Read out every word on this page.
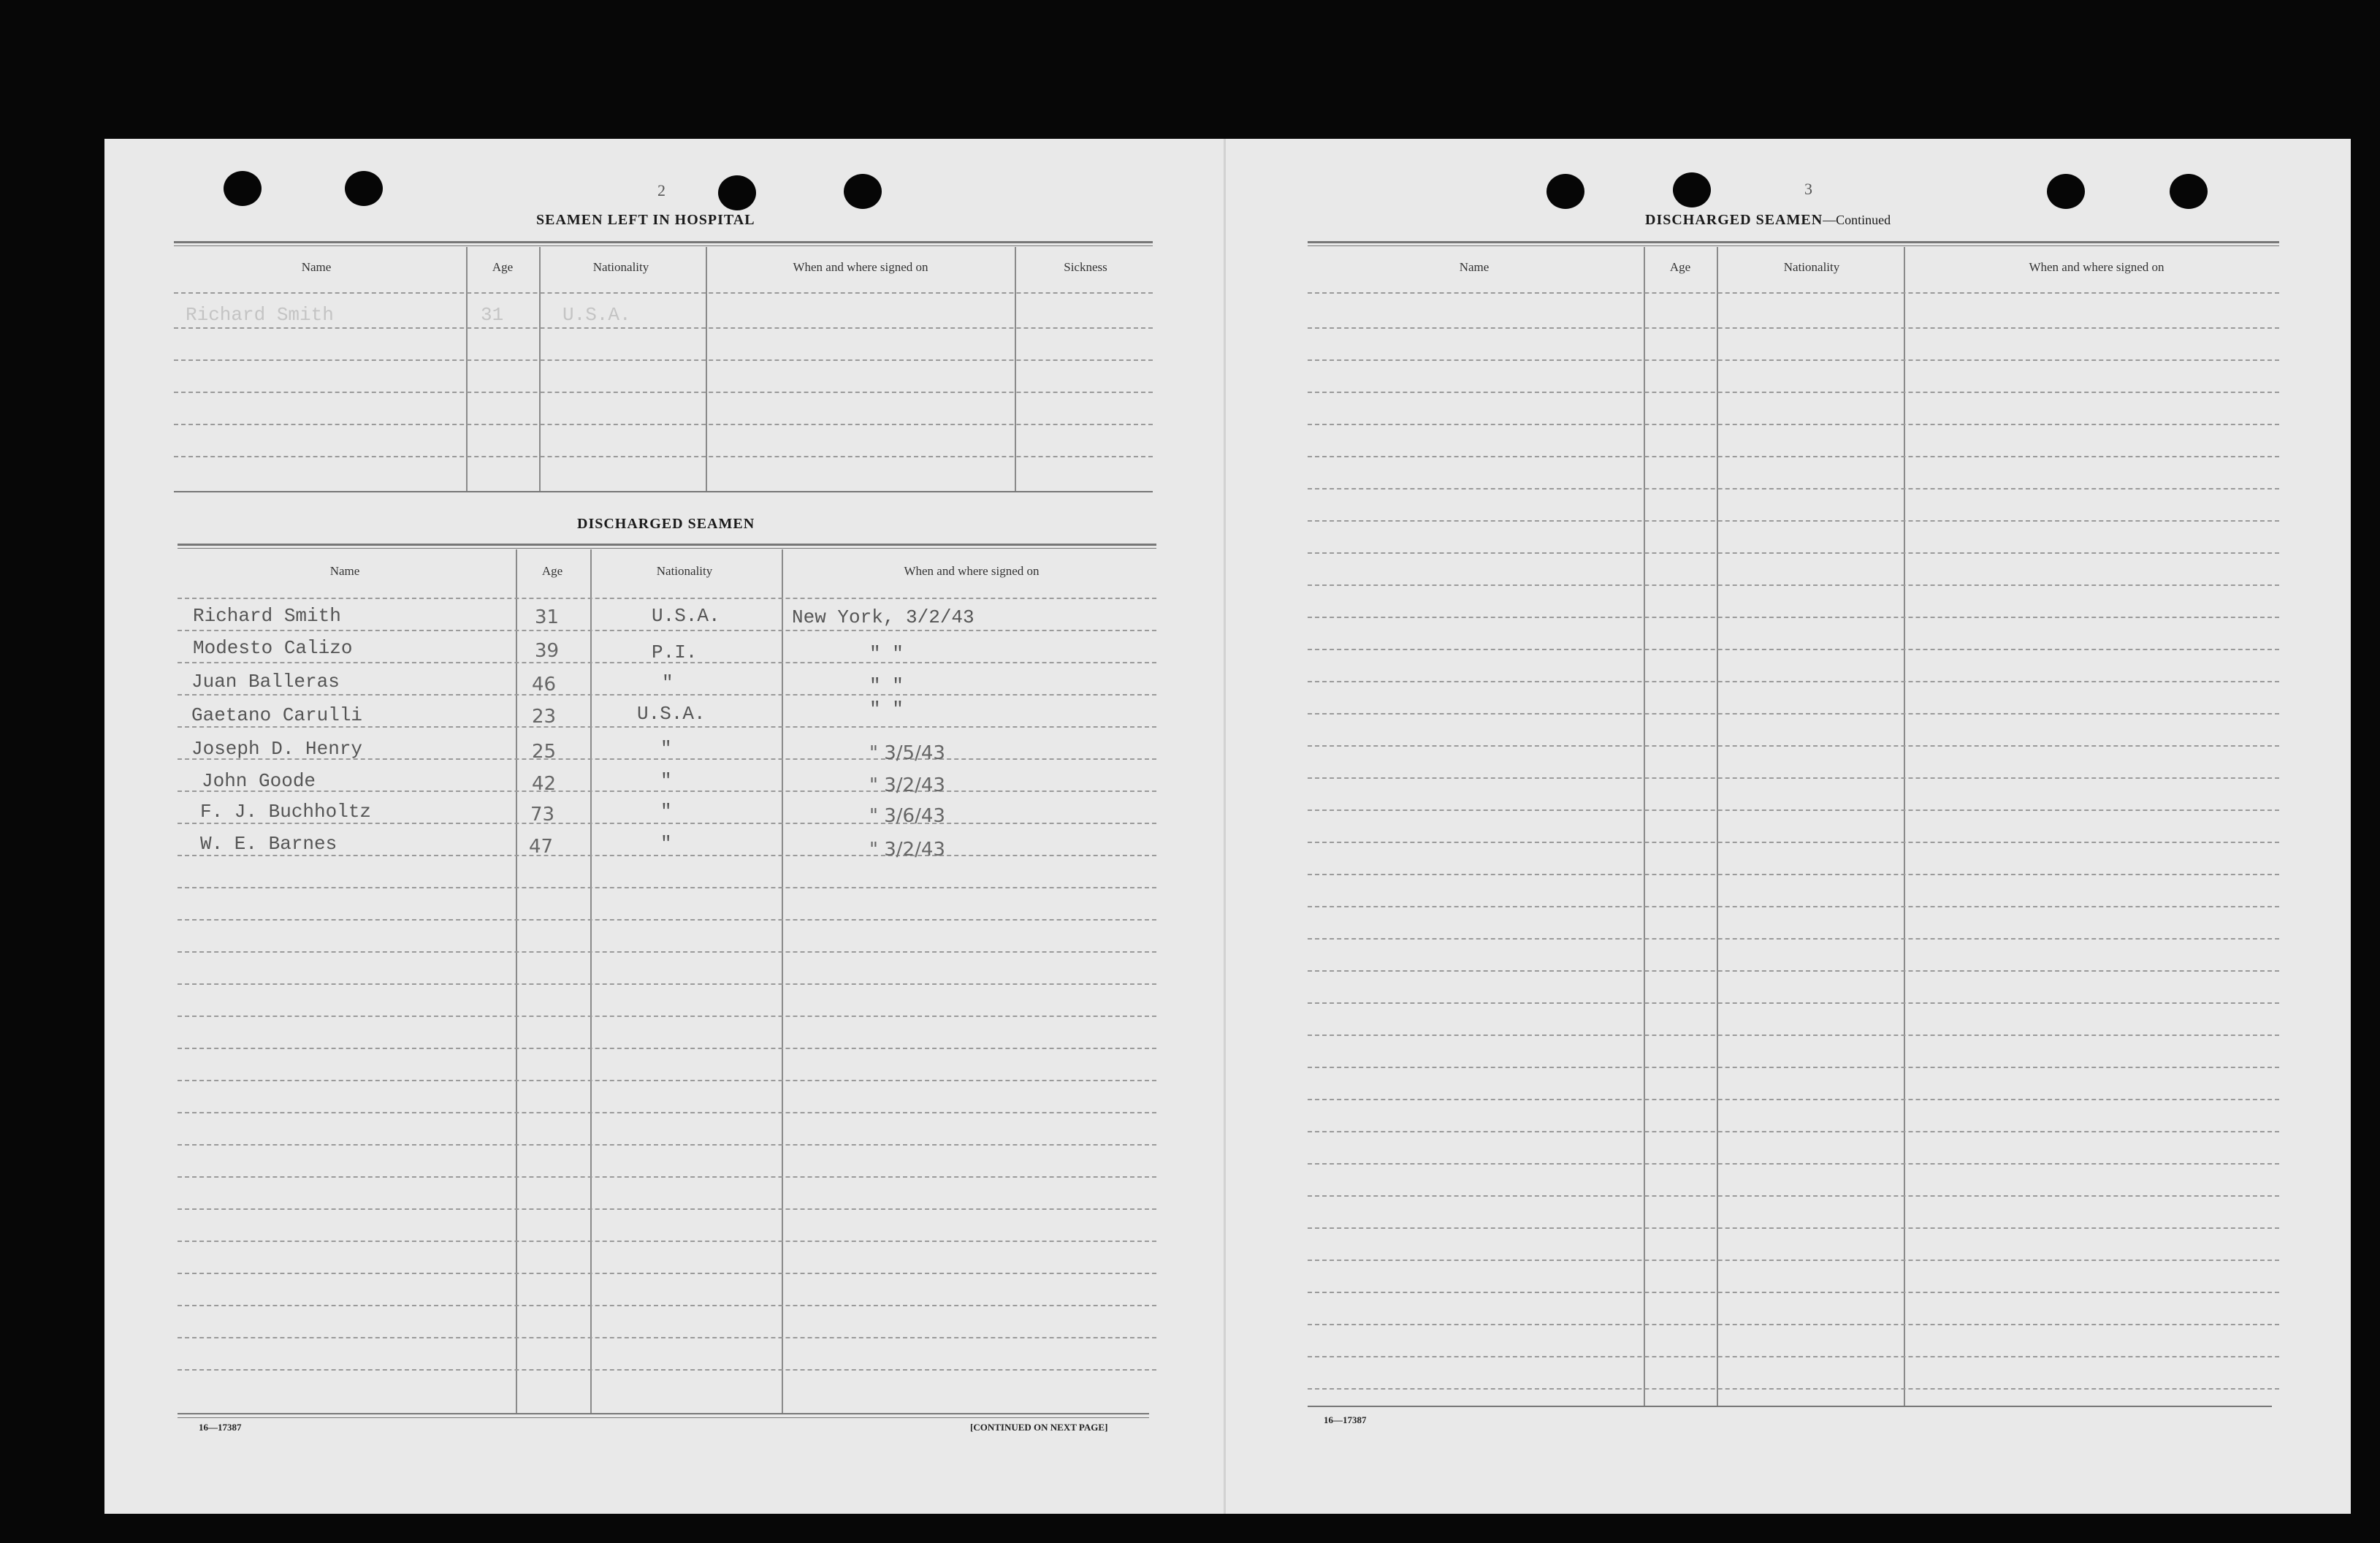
2
SEAMEN LEFT IN HOSPITAL
Name	Age	Nationality	When and where signed on	Sickness
Richard Smith	31	U.S.A.
DISCHARGED SEAMEN
Name	Age	Nationality	When and where signed on
Richard Smith	31	U.S.A.	New York, 3/2/43
Modesto Calizo	39	P.I.	" "
Juan Balleras	46	"	" "
Gaetano Carulli	23	U.S.A.	" "
Joseph D. Henry	25	"	" 3/5/43
John Goode	42	"	" 3/2/43
F. J. Buchholtz	73	"	" 3/6/43
W. E. Barnes	47	"	" 3/2/43
16—17387	[CONTINUED ON NEXT PAGE]
3
DISCHARGED SEAMEN—Continued
Name	Age	Nationality	When and where signed on
16—17387
